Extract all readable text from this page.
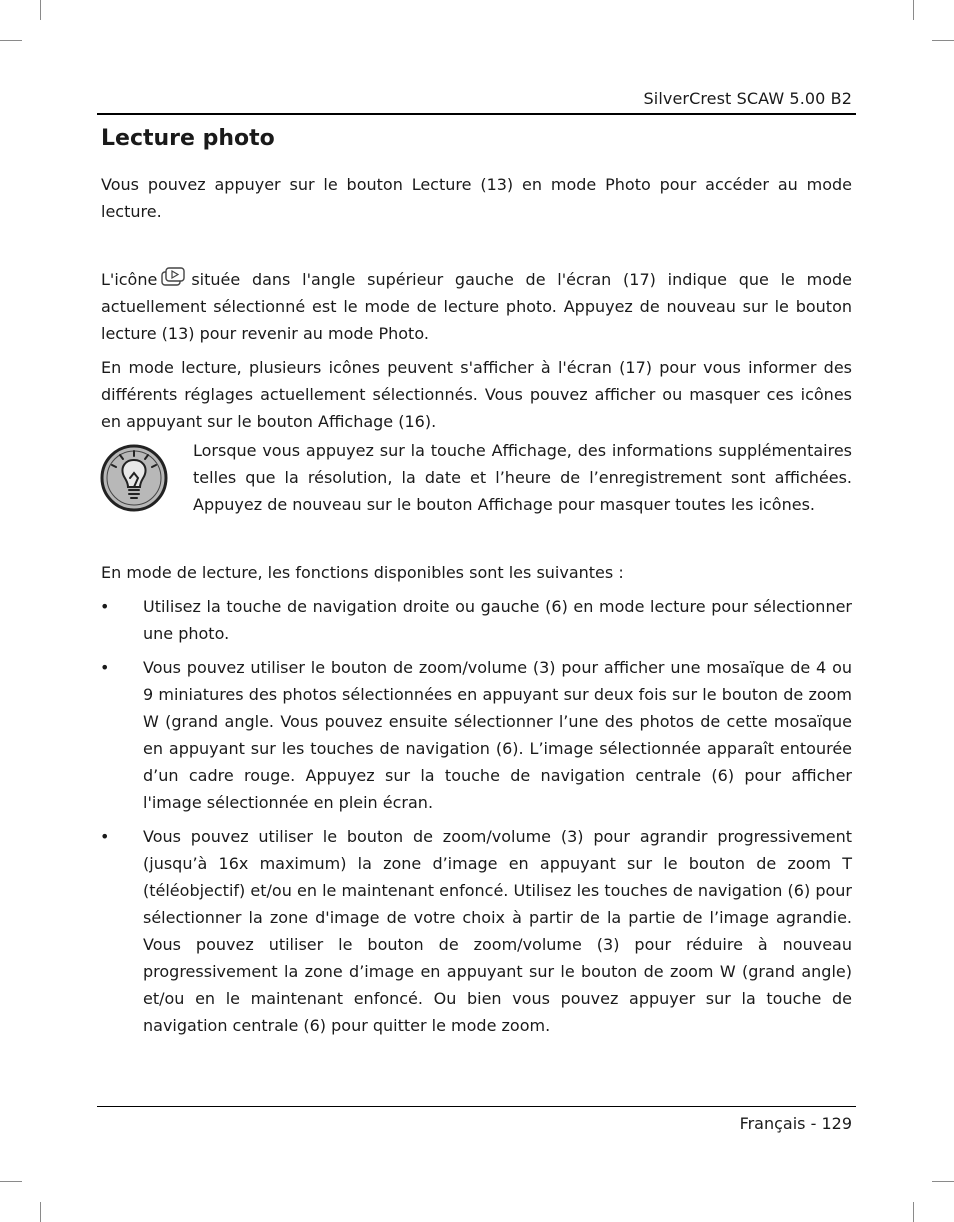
SilverCrest SCAW 5.00 B2
Lecture photo

Vous pouvez appuyer sur le bouton Lecture (13) en mode Photo pour accéder au mode lecture.

L'icône située dans l'angle supérieur gauche de l'écran (17) indique que le mode actuellement sélectionné est le mode de lecture photo. Appuyez de nouveau sur le bouton lecture (13) pour revenir au mode Photo.

En mode lecture, plusieurs icônes peuvent s'afficher à l'écran (17) pour vous informer des différents réglages actuellement sélectionnés. Vous pouvez afficher ou masquer ces icônes en appuyant sur le bouton Affichage (16).

Lorsque vous appuyez sur la touche Affichage, des informations supplémentaires telles que la résolution, la date et l’heure de l’enregistrement sont affichées. Appuyez de nouveau sur le bouton Affichage pour masquer toutes les icônes.

En mode de lecture, les fonctions disponibles sont les suivantes :

• Utilisez la touche de navigation droite ou gauche (6) en mode lecture pour sélectionner une photo.

• Vous pouvez utiliser le bouton de zoom/volume (3) pour afficher une mosaïque de 4 ou 9 miniatures des photos sélectionnées en appuyant sur deux fois sur le bouton de zoom W (grand angle. Vous pouvez ensuite sélectionner l’une des photos de cette mosaïque en appuyant sur les touches de navigation (6). L’image sélectionnée apparaît entourée d’un cadre rouge. Appuyez sur la touche de navigation centrale (6) pour afficher l'image sélectionnée en plein écran.

• Vous pouvez utiliser le bouton de zoom/volume (3) pour agrandir progressivement (jusqu’à 16x maximum) la zone d’image en appuyant sur le bouton de zoom T (téléobjectif) et/ou en le maintenant enfoncé. Utilisez les touches de navigation (6) pour sélectionner la zone d'image de votre choix à partir de la partie de l’image agrandie. Vous pouvez utiliser le bouton de zoom/volume (3) pour réduire à nouveau progressivement la zone d’image en appuyant sur le bouton de zoom W (grand angle) et/ou en le maintenant enfoncé. Ou bien vous pouvez appuyer sur la touche de navigation centrale (6) pour quitter le mode zoom.

Français - 129
